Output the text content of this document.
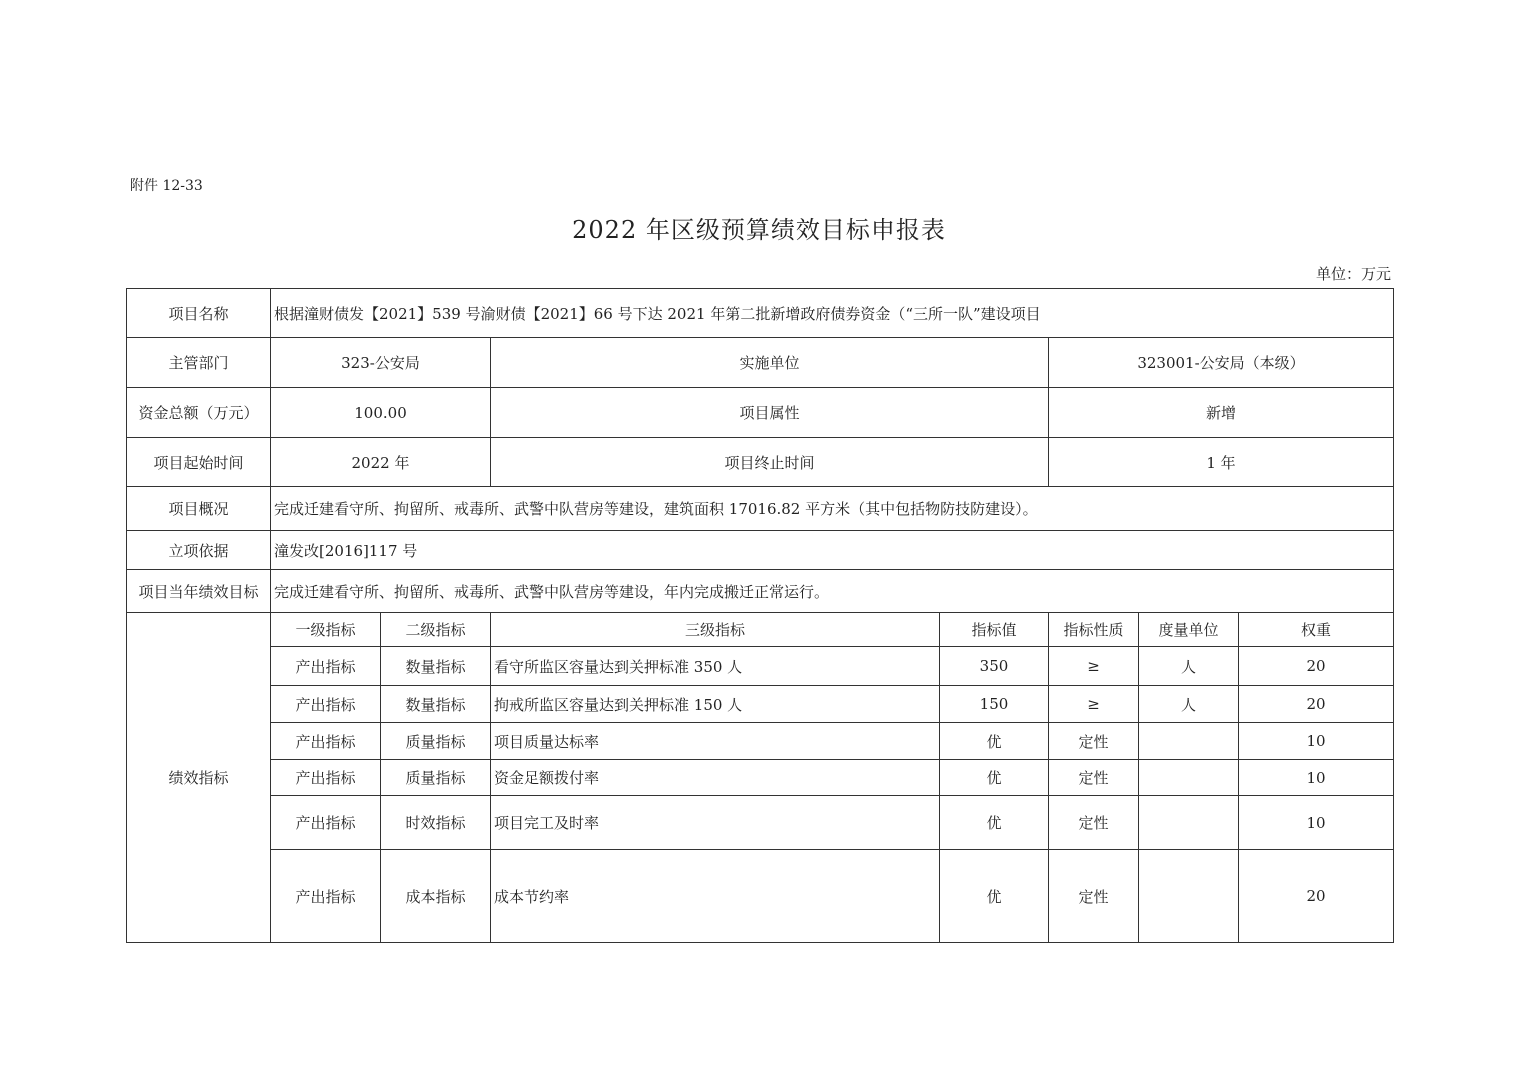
附件 12-33
2022 年区级预算绩效目标申报表
单位：万元
项目名称	根据潼财债发【2021】539 号渝财债【2021】66 号下达 2021 年第二批新增政府债券资金（“三所一队”建设项目						
主管部门	323-公安局		实施单位		323001-公安局（本级）		
资金总额（万元）	100.00		项目属性		新增		
项目起始时间	2022 年		项目终止时间		1 年		
项目概况	完成迁建看守所、拘留所、戒毒所、武警中队营房等建设，建筑面积 17016.82 平方米（其中包括物防技防建设）。						
立项依据	潼发改[2016]117 号						
项目当年绩效目标	完成迁建看守所、拘留所、戒毒所、武警中队营房等建设，年内完成搬迁正常运行。						
绩效指标	一级指标	二级指标	三级指标	指标值	指标性质	度量单位	权重
	产出指标	数量指标	看守所监区容量达到关押标准 350 人	350	≥	人	20
	产出指标	数量指标	拘戒所监区容量达到关押标准 150 人	150	≥	人	20
	产出指标	质量指标	项目质量达标率	优	定性		10
	产出指标	质量指标	资金足额拨付率	优	定性		10
	产出指标	时效指标	项目完工及时率	优	定性		10
	产出指标	成本指标	成本节约率	优	定性		20
